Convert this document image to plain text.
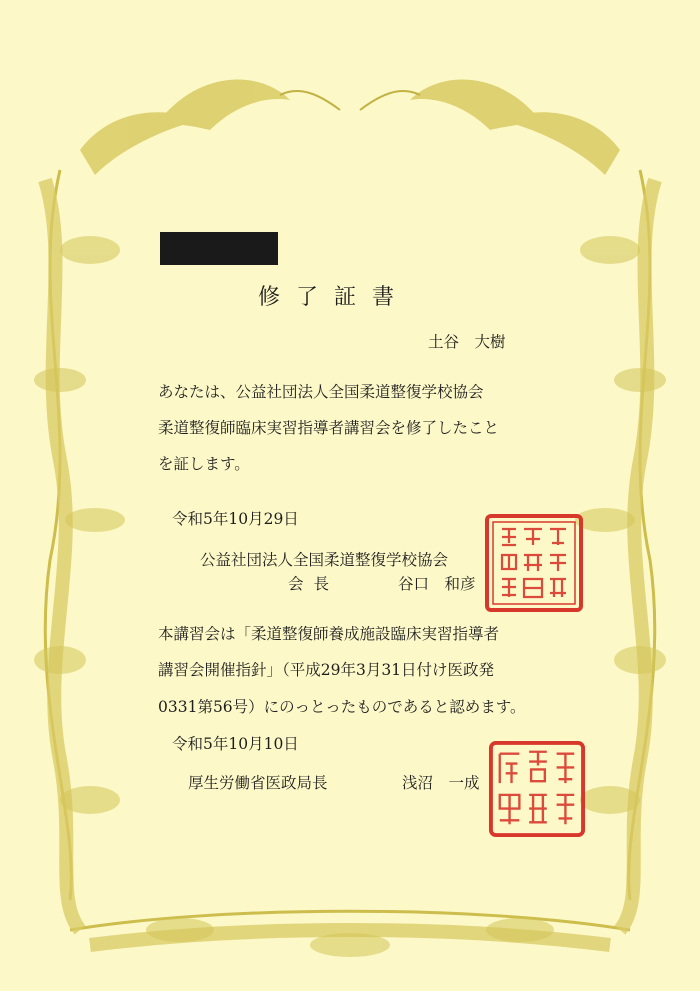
修了証書
土谷　大樹
あなたは、公益社団法人全国柔道整復学校協会
柔道整復師臨床実習指導者講習会を修了したこと
を証します。
令和5年10月29日
公益社団法人全国柔道整復学校協会
会長	谷口　和彦
本講習会は「柔道整復師養成施設臨床実習指導者
講習会開催指針」（平成29年3月31日付け医政発
0331第56号）にのっとったものであると認めます。
令和5年10月10日
厚生労働省医政局長	浅沼　一成
